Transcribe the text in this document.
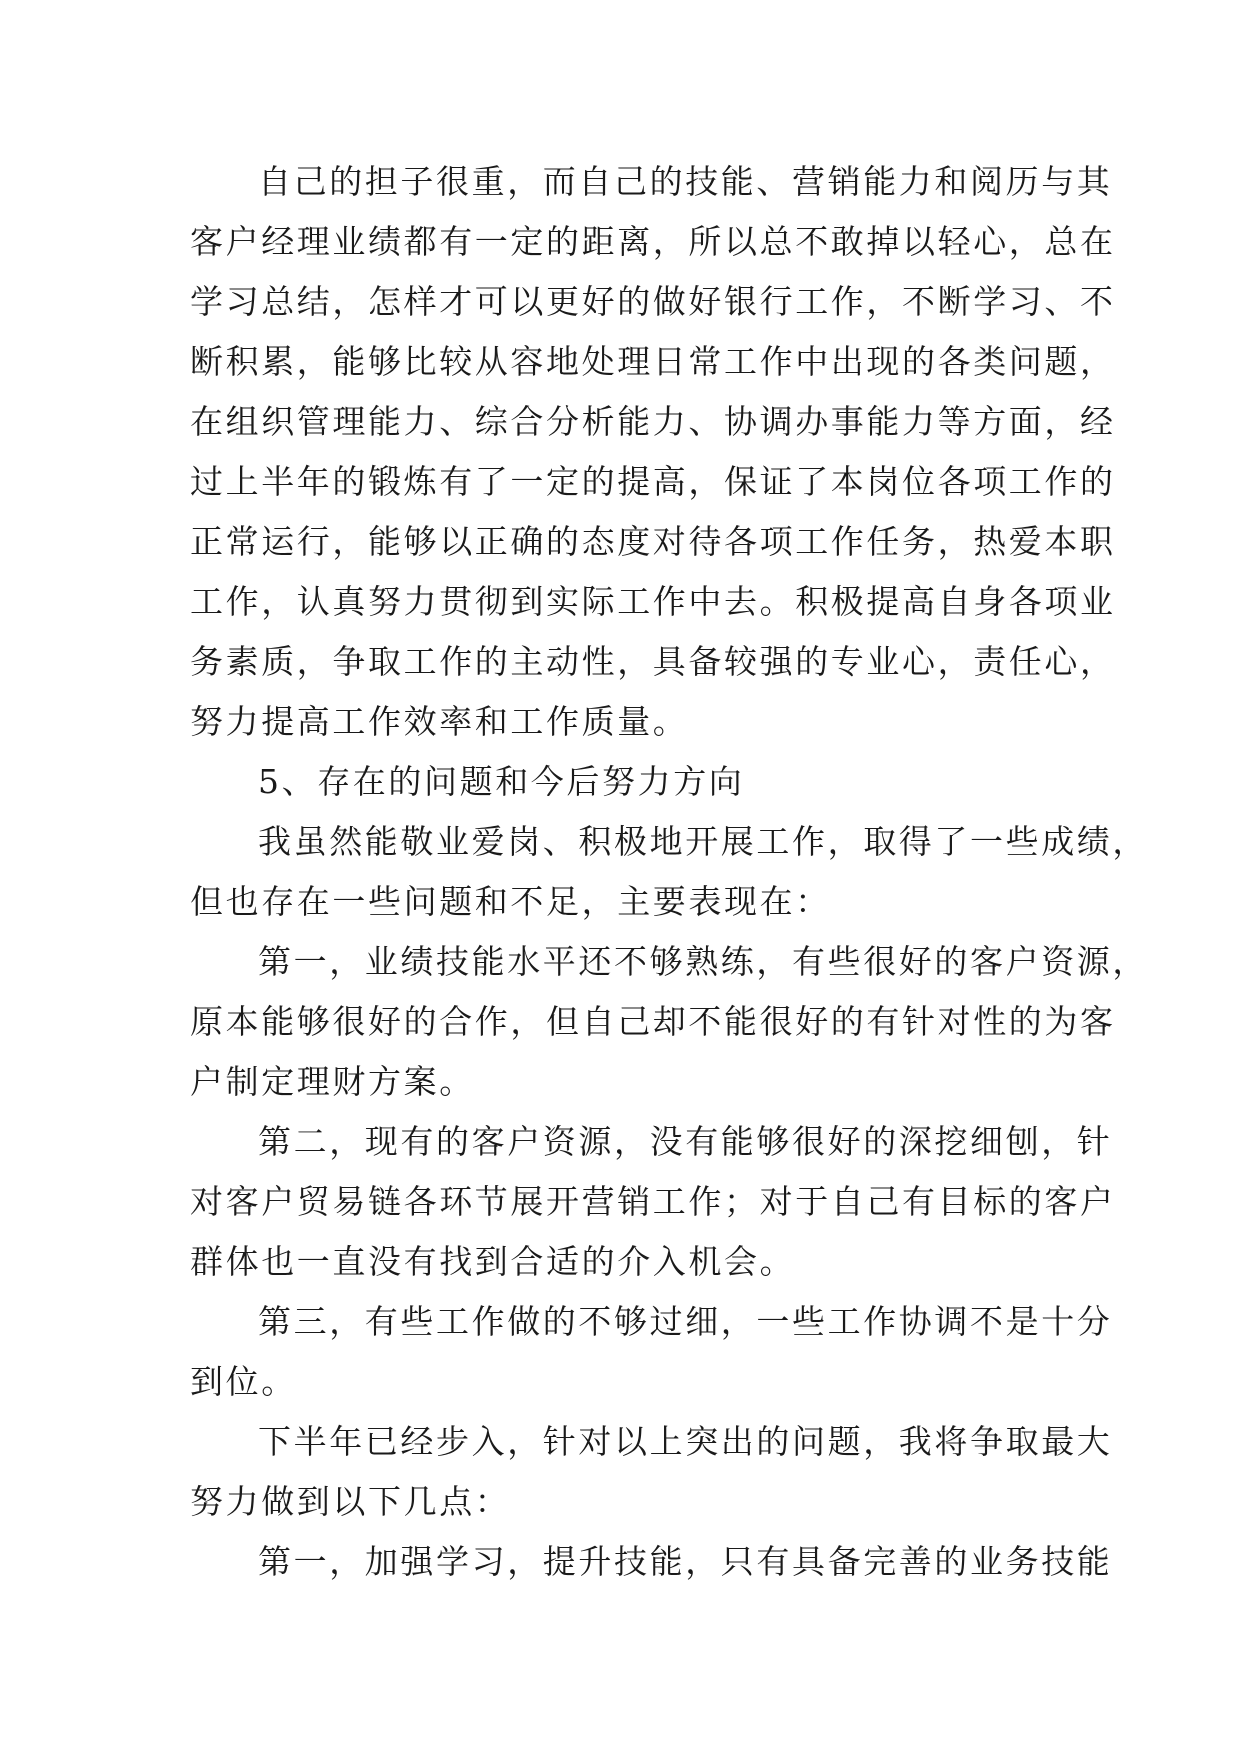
自己的担子很重，而自己的技能、营销能力和阅历与其
客户经理业绩都有一定的距离，所以总不敢掉以轻心，总在
学习总结，怎样才可以更好的做好银行工作，不断学习、不
断积累，能够比较从容地处理日常工作中出现的各类问题，
在组织管理能力、综合分析能力、协调办事能力等方面，经
过上半年的锻炼有了一定的提高，保证了本岗位各项工作的
正常运行，能够以正确的态度对待各项工作任务，热爱本职
工作，认真努力贯彻到实际工作中去。积极提高自身各项业
务素质，争取工作的主动性，具备较强的专业心，责任心，
努力提高工作效率和工作质量。
5、存在的问题和今后努力方向
我虽然能敬业爱岗、积极地开展工作，取得了一些成绩，
但也存在一些问题和不足，主要表现在：
第一，业绩技能水平还不够熟练，有些很好的客户资源，
原本能够很好的合作，但自己却不能很好的有针对性的为客
户制定理财方案。
第二，现有的客户资源，没有能够很好的深挖细刨，针
对客户贸易链各环节展开营销工作；对于自己有目标的客户
群体也一直没有找到合适的介入机会。
第三，有些工作做的不够过细，一些工作协调不是十分
到位。
下半年已经步入，针对以上突出的问题，我将争取最大
努力做到以下几点：
第一，加强学习，提升技能，只有具备完善的业务技能
